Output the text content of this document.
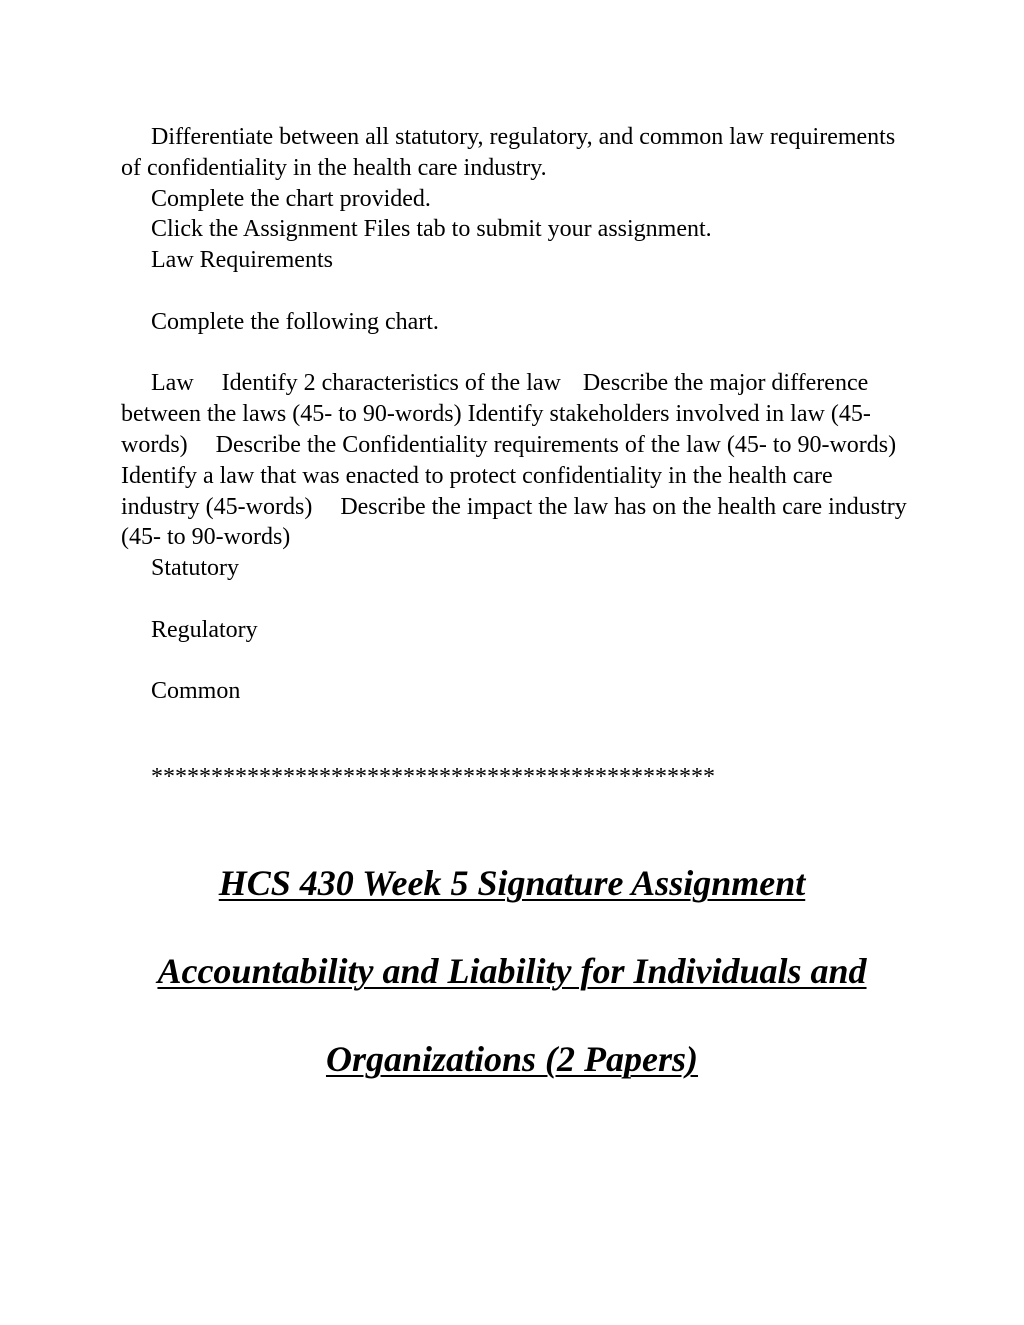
Differentiate between all statutory, regulatory, and common law requirements of confidentiality in the health care industry.

Complete the chart provided.

Click the Assignment Files tab to submit your assignment.

Law Requirements

Complete the following chart.

Law Identify 2 characteristics of the law Describe the major difference between the laws (45- to 90-words) Identify stakeholders involved in law (45-words) Describe the Confidentiality requirements of the law (45- to 90-words) Identify a law that was enacted to protect confidentiality in the health care industry (45-words) Describe the impact the law has on the health care industry (45- to 90-words)

Statutory

Regulatory

Common

***********************************************
HCS 430 Week 5 Signature Assignment
Accountability and Liability for Individuals and
Organizations (2 Papers)
